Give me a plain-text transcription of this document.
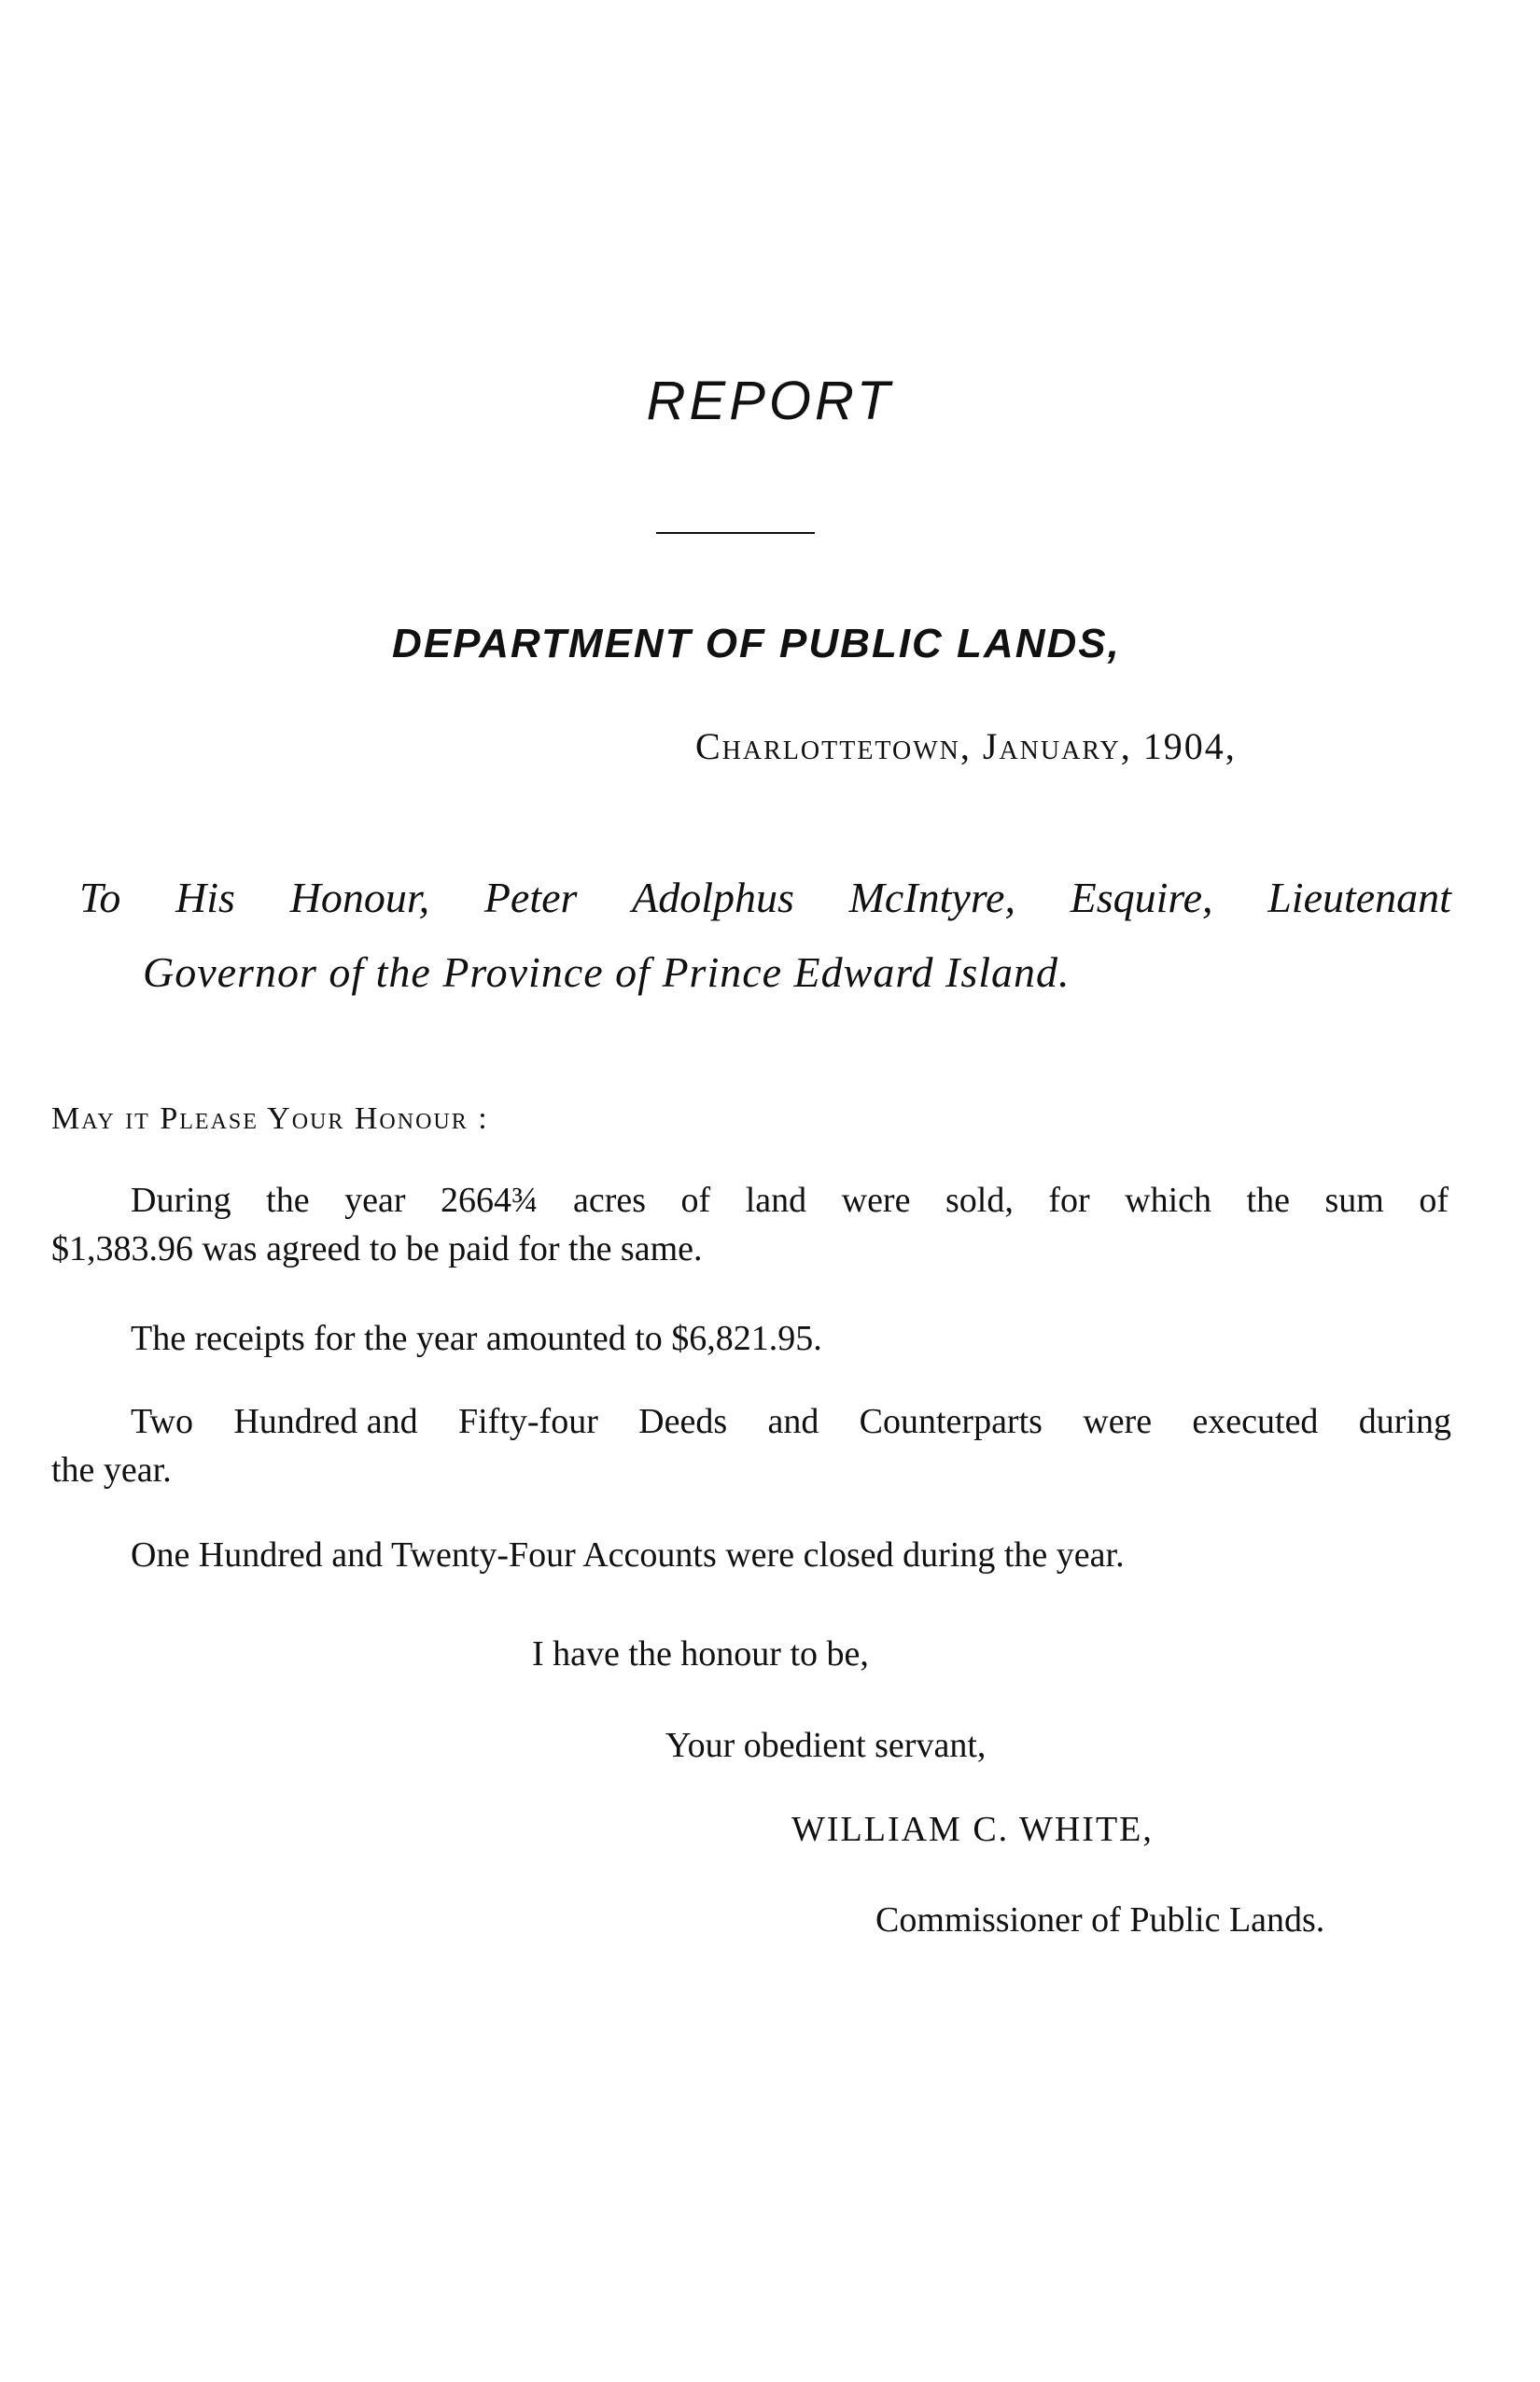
REPORT
DEPARTMENT OF PUBLIC LANDS,
Charlottetown, January, 1904,
To His Honour, Peter Adolphus McIntyre, Esquire, Lieutenant
Governor of the Province of Prince Edward Island.
May it Please Your Honour :
During the year 2664¾ acres of land were sold, for which the sum of
$1,383.96 was agreed to be paid for the same.
The receipts for the year amounted to $6,821.95.
Two Hundred and Fifty-four Deeds and Counterparts were executed during
the year.
One Hundred and Twenty-Four Accounts were closed during the year.
I have the honour to be,
Your obedient servant,
WILLIAM C. WHITE,
Commissioner of Public Lands.
